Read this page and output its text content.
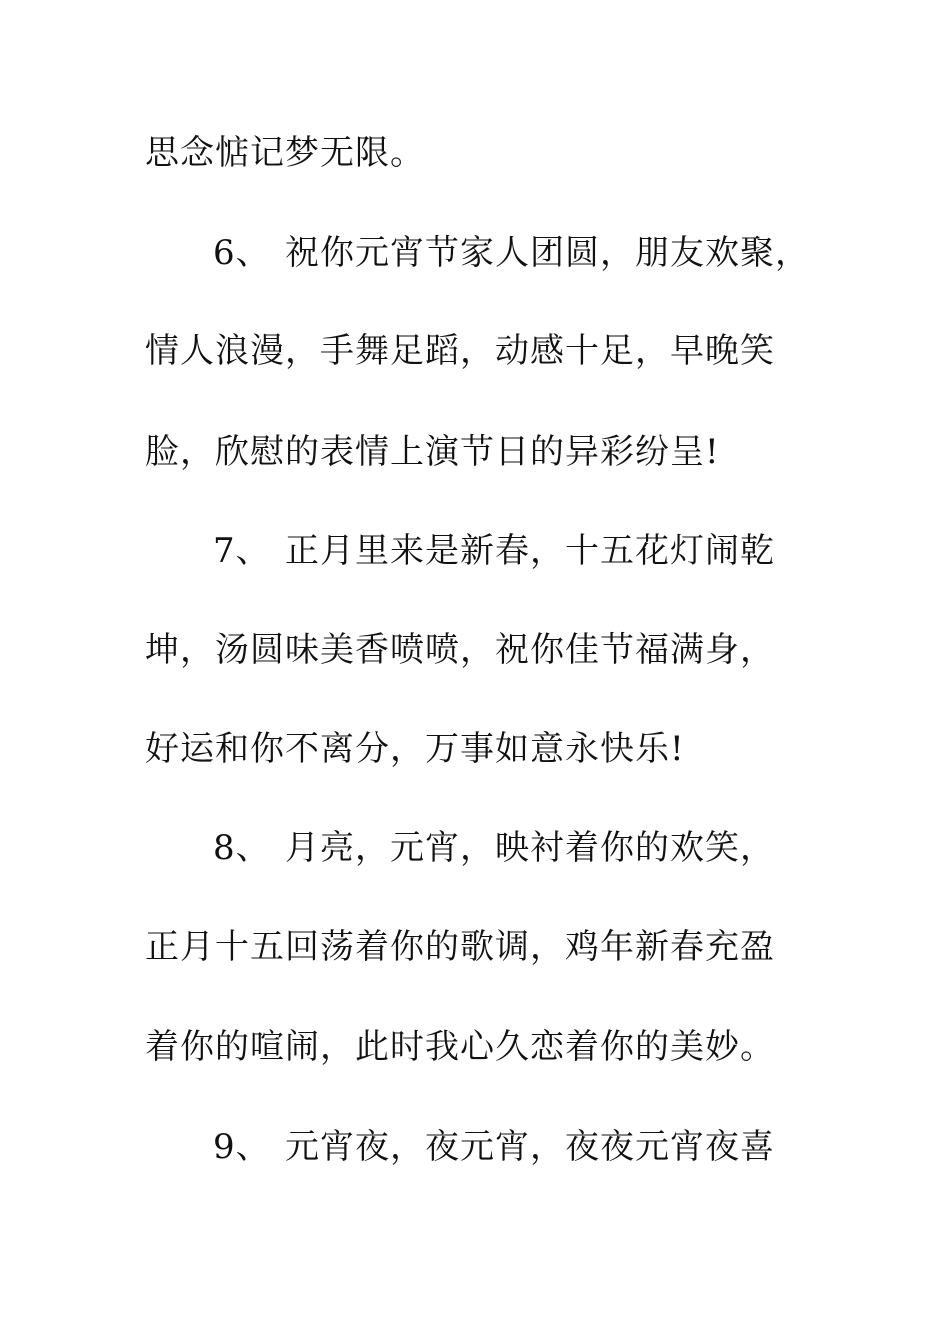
思念惦记梦无限。
6、 祝你元宵节家人团圆，朋友欢聚，
情人浪漫，手舞足蹈，动感十足，早晚笑
脸，欣慰的表情上演节日的异彩纷呈!
7、 正月里来是新春，十五花灯闹乾
坤，汤圆味美香喷喷，祝你佳节福满身，
好运和你不离分，万事如意永快乐!
8、 月亮，元宵，映衬着你的欢笑，
正月十五回荡着你的歌调，鸡年新春充盈
着你的喧闹，此时我心久恋着你的美妙。
9、 元宵夜，夜元宵，夜夜元宵夜喜
